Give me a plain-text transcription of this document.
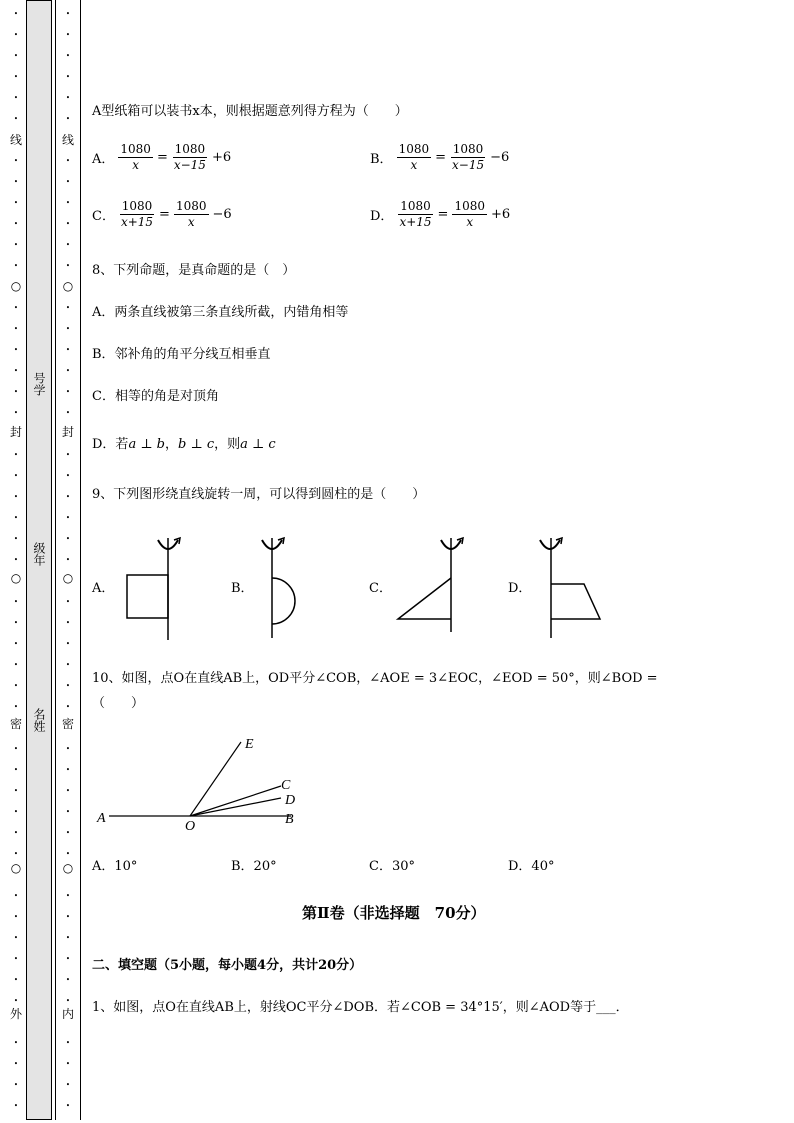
•
•
•
•
•
•
•
•
•
•
•
•
•
•
•
•
•
•
•
•
•
•
•
•
•
•
•
•
•
•
•
•
•
•
•
•
•
•
•
•
•
•
•
•
•
•
线
○
封
○
密
○
外
•
•
•
•
•
•
•
•
•
•
•
•
•
•
•
•
•
•
•
•
•
•
•
•
•
•
•
•
•
•
•
•
•
•
•
•
•
•
•
•
•
•
•
•
•
•
线
○
封
○
密
○
内
号学
级年
名姓
A型纸箱可以装书x本，则根据题意列得方程为（　　）
A． $\frac{1080}{x} = \frac{1080}{x-15} +6$	B． $\frac{1080}{x} = \frac{1080}{x-15} -6$
C． $\frac{1080}{x+15} = \frac{1080}{x} -6$	D． $\frac{1080}{x+15} = \frac{1080}{x} +6$
8、下列命题，是真命题的是（　）
A．两条直线被第三条直线所截，内错角相等
B．邻补角的角平分线互相垂直
C．相等的角是对顶角
D．若a ⊥ b，b ⊥ c，则a ⊥ c
9、下列图形绕直线旋转一周，可以得到圆柱的是（　　）
A．	B．	C．	D．
10、如图，点O在直线AB上，OD平分∠COB，∠AOE = 3∠EOC，∠EOD = 50°，则∠BOD =
（　　）
E
C
D
A
O	B
A．10°	B．20°	C．30°	D．40°
第Ⅱ卷（非选择题　70分）
二、填空题（5小题，每小题4分，共计20分）
1、如图，点O在直线AB上，射线OC平分∠DOB．若∠COB = 34°15′，则∠AOD等于___．
